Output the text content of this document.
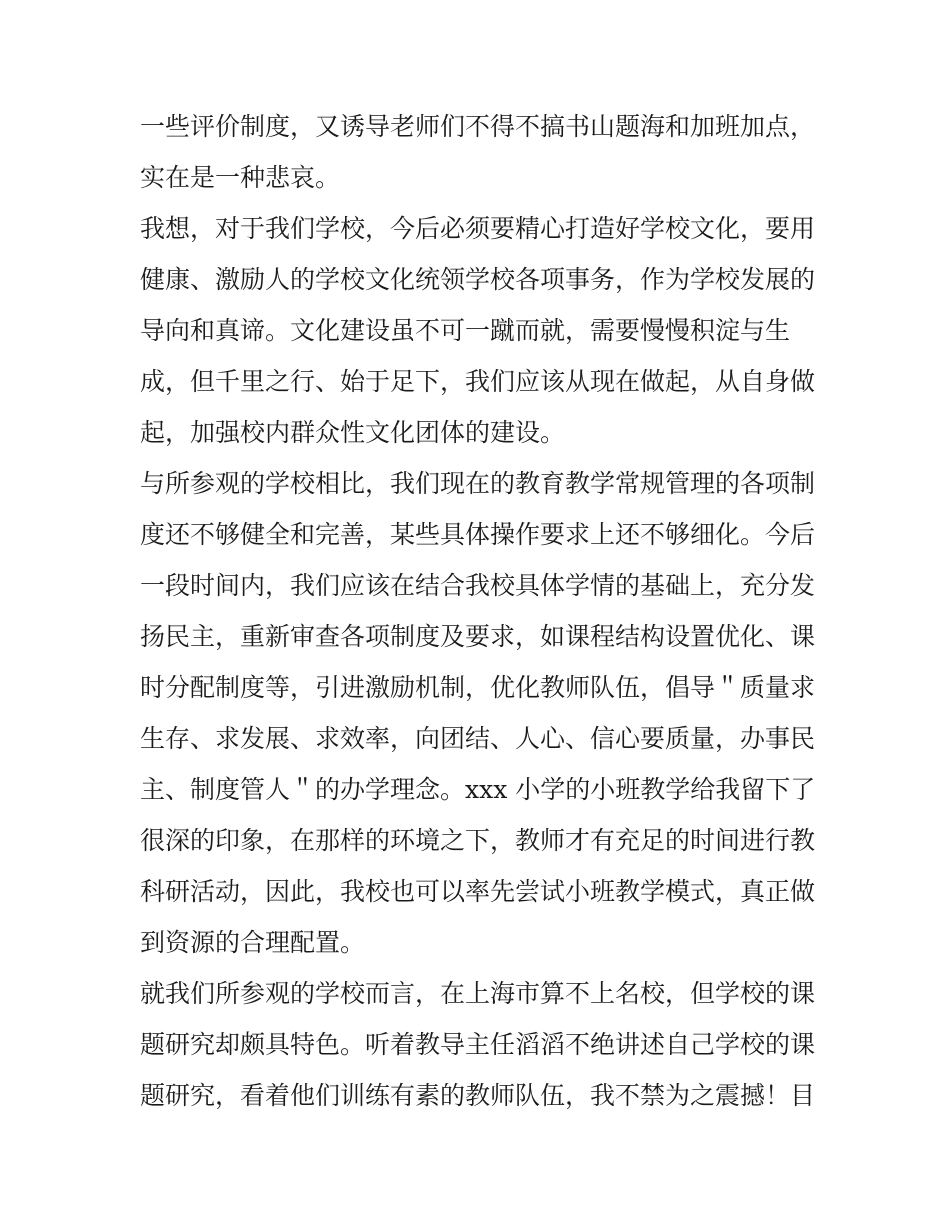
一些评价制度，又诱导老师们不得不搞书山题海和加班加点，
实在是一种悲哀。
我想，对于我们学校，今后必须要精心打造好学校文化，要用
健康、激励人的学校文化统领学校各项事务，作为学校发展的
导向和真谛。文化建设虽不可一蹴而就，需要慢慢积淀与生
成，但千里之行、始于足下，我们应该从现在做起，从自身做
起，加强校内群众性文化团体的建设。
与所参观的学校相比，我们现在的教育教学常规管理的各项制
度还不够健全和完善，某些具体操作要求上还不够细化。今后
一段时间内，我们应该在结合我校具体学情的基础上，充分发
扬民主，重新审查各项制度及要求，如课程结构设置优化、课
时分配制度等，引进激励机制，优化教师队伍，倡导＂质量求
生存、求发展、求效率，向团结、人心、信心要质量，办事民
主、制度管人＂的办学理念。xxx 小学的小班教学给我留下了
很深的印象，在那样的环境之下，教师才有充足的时间进行教
科研活动，因此，我校也可以率先尝试小班教学模式，真正做
到资源的合理配置。
就我们所参观的学校而言，在上海市算不上名校，但学校的课
题研究却颇具特色。听着教导主任滔滔不绝讲述自己学校的课
题研究，看着他们训练有素的教师队伍，我不禁为之震撼！目
